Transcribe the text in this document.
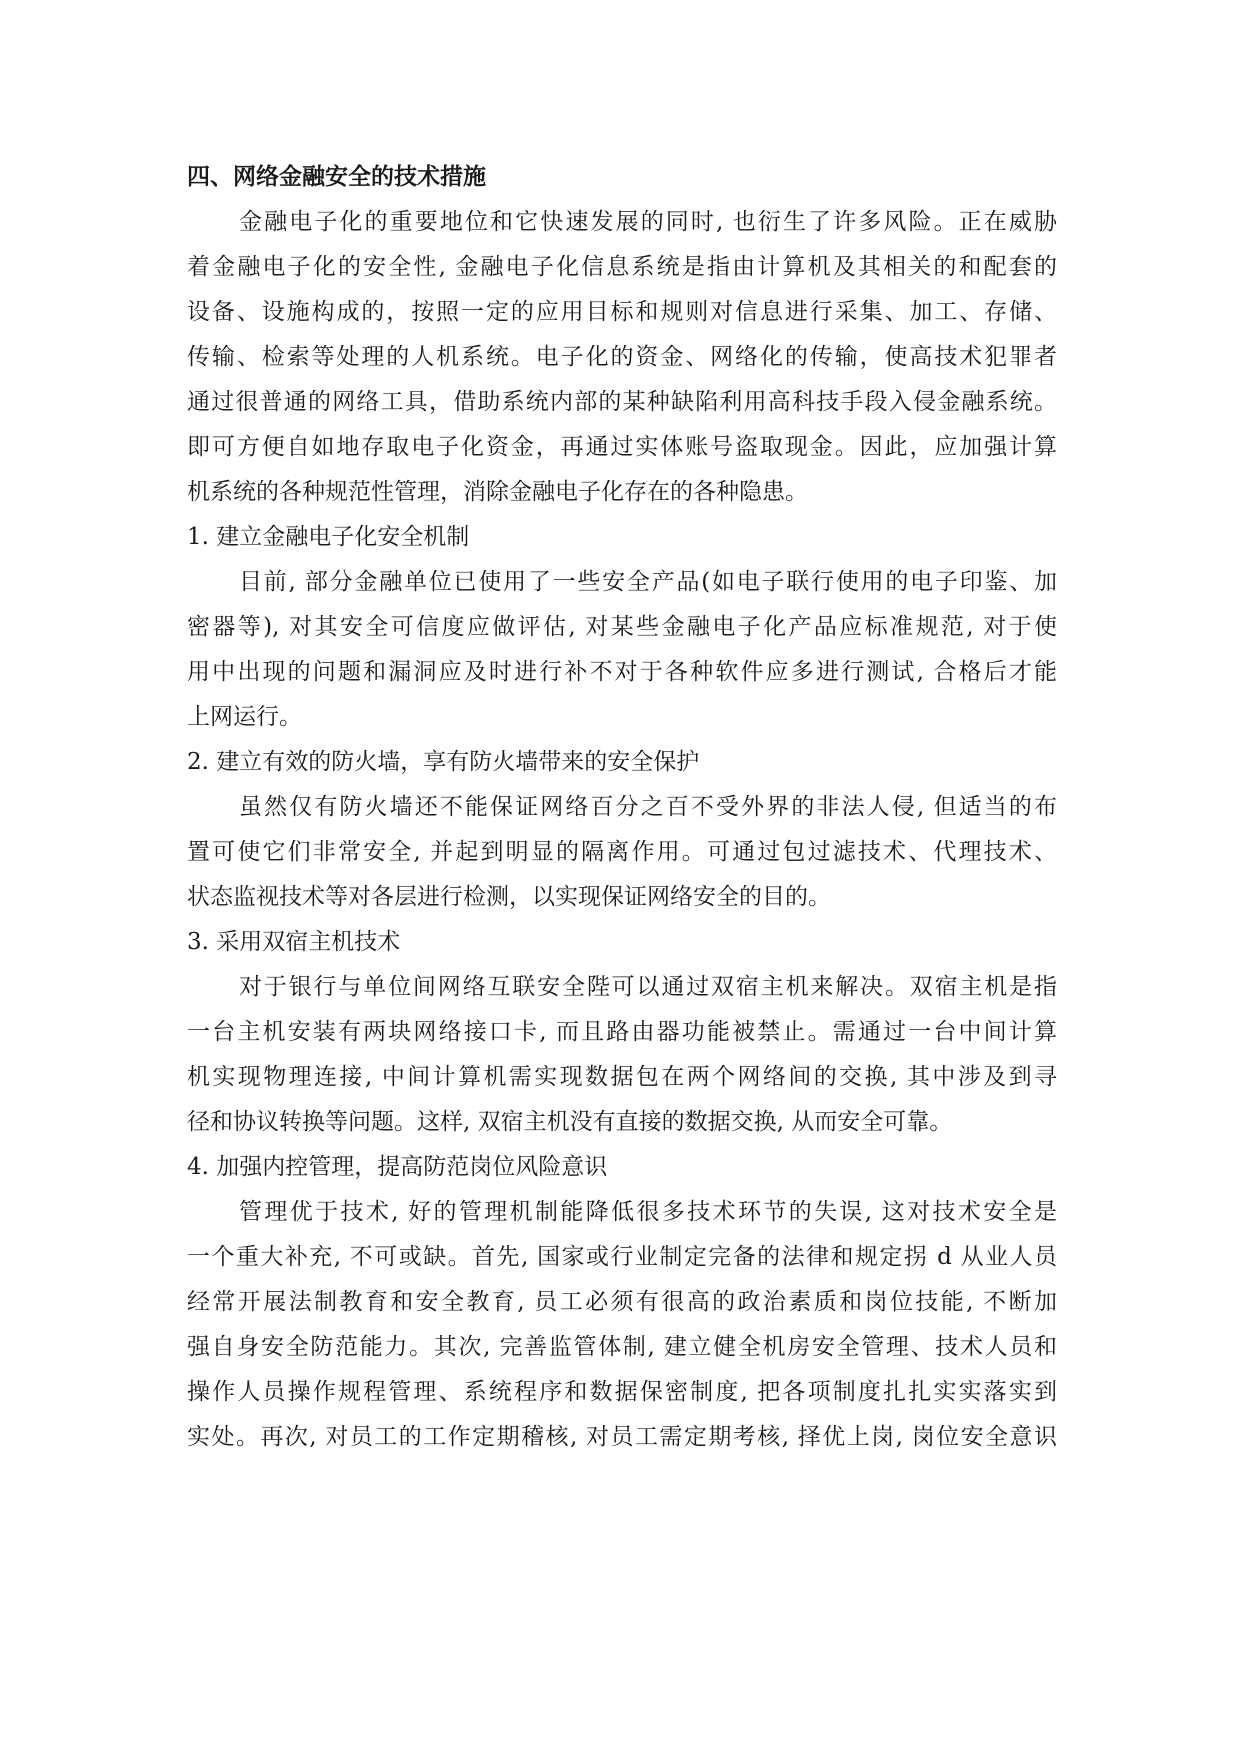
四、网络金融安全的技术措施
金融电子化的重要地位和它快速发展的同时, 也衍生了许多风险。正在威胁
着金融电子化的安全性, 金融电子化信息系统是指由计算机及其相关的和配套的
设备、设施构成的，按照一定的应用目标和规则对信息进行采集、加工、存储、
传输、检索等处理的人机系统。电子化的资金、网络化的传输，使高技术犯罪者
通过很普通的网络工具，借助系统内部的某种缺陷利用高科技手段入侵金融系统。
即可方便自如地存取电子化资金，再通过实体账号盗取现金。因此，应加强计算
机系统的各种规范性管理，消除金融电子化存在的各种隐患。
1. 建立金融电子化安全机制
目前, 部分金融单位已使用了一些安全产品(如电子联行使用的电子印鉴、加
密器等), 对其安全可信度应做评估, 对某些金融电子化产品应标准规范, 对于使
用中出现的问题和漏洞应及时进行补不对于各种软件应多进行测试, 合格后才能
上网运行。
2. 建立有效的防火墙，享有防火墙带来的安全保护
虽然仅有防火墙还不能保证网络百分之百不受外界的非法人侵, 但适当的布
置可使它们非常安全, 并起到明显的隔离作用。可通过包过滤技术、代理技术、
状态监视技术等对各层进行检测，以实现保证网络安全的目的。
3. 采用双宿主机技术
对于银行与单位间网络互联安全陛可以通过双宿主机来解决。双宿主机是指
一台主机安装有两块网络接口卡, 而且路由器功能被禁止。需通过一台中间计算
机实现物理连接, 中间计算机需实现数据包在两个网络间的交换, 其中涉及到寻
径和协议转换等问题。这样, 双宿主机没有直接的数据交换, 从而安全可靠。
4. 加强内控管理，提高防范岗位风险意识
管理优于技术, 好的管理机制能降低很多技术环节的失误, 这对技术安全是
一个重大补充, 不可或缺。首先, 国家或行业制定完备的法律和规定拐 d 从业人员
经常开展法制教育和安全教育, 员工必须有很高的政治素质和岗位技能, 不断加
强自身安全防范能力。其次, 完善监管体制, 建立健全机房安全管理、技术人员和
操作人员操作规程管理、系统程序和数据保密制度, 把各项制度扎扎实实落实到
实处。再次, 对员工的工作定期稽核, 对员工需定期考核, 择优上岗, 岗位安全意识
